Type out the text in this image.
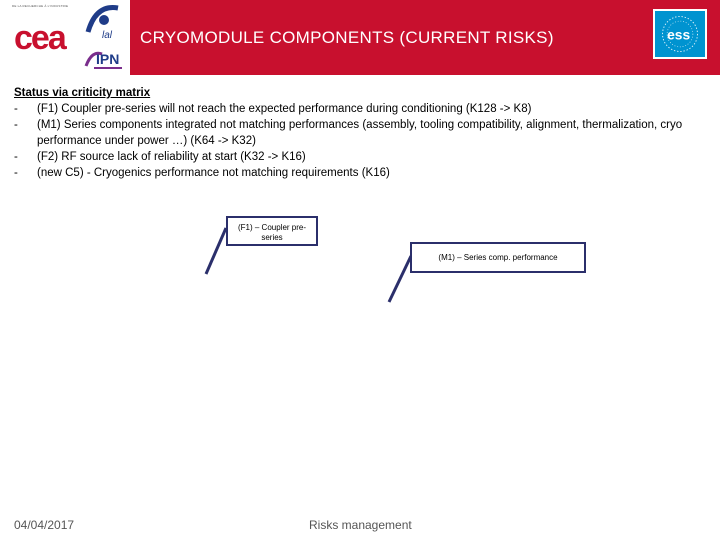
DE LA RECHERCHE À L'INDUSTRIE
cea	lal
IPN
CRYOMODULE COMPONENTS (CURRENT RISKS)	ess
Status via criticity matrix
-	(F1) Coupler pre-series will not reach the expected performance during conditioning (K128 -> K8)
-	(M1) Series components integrated not matching performances (assembly, tooling compatibility, alignment, thermalization, cryo performance under power …) (K64 -> K32)
-	(F2) RF source lack of reliability at start (K32 -> K16)
-	(new C5) - Cryogenics performance not matching requirements (K16)
(F1) – Coupler pre-series
(M1) – Series comp. performance
04/04/2017	Risks management
